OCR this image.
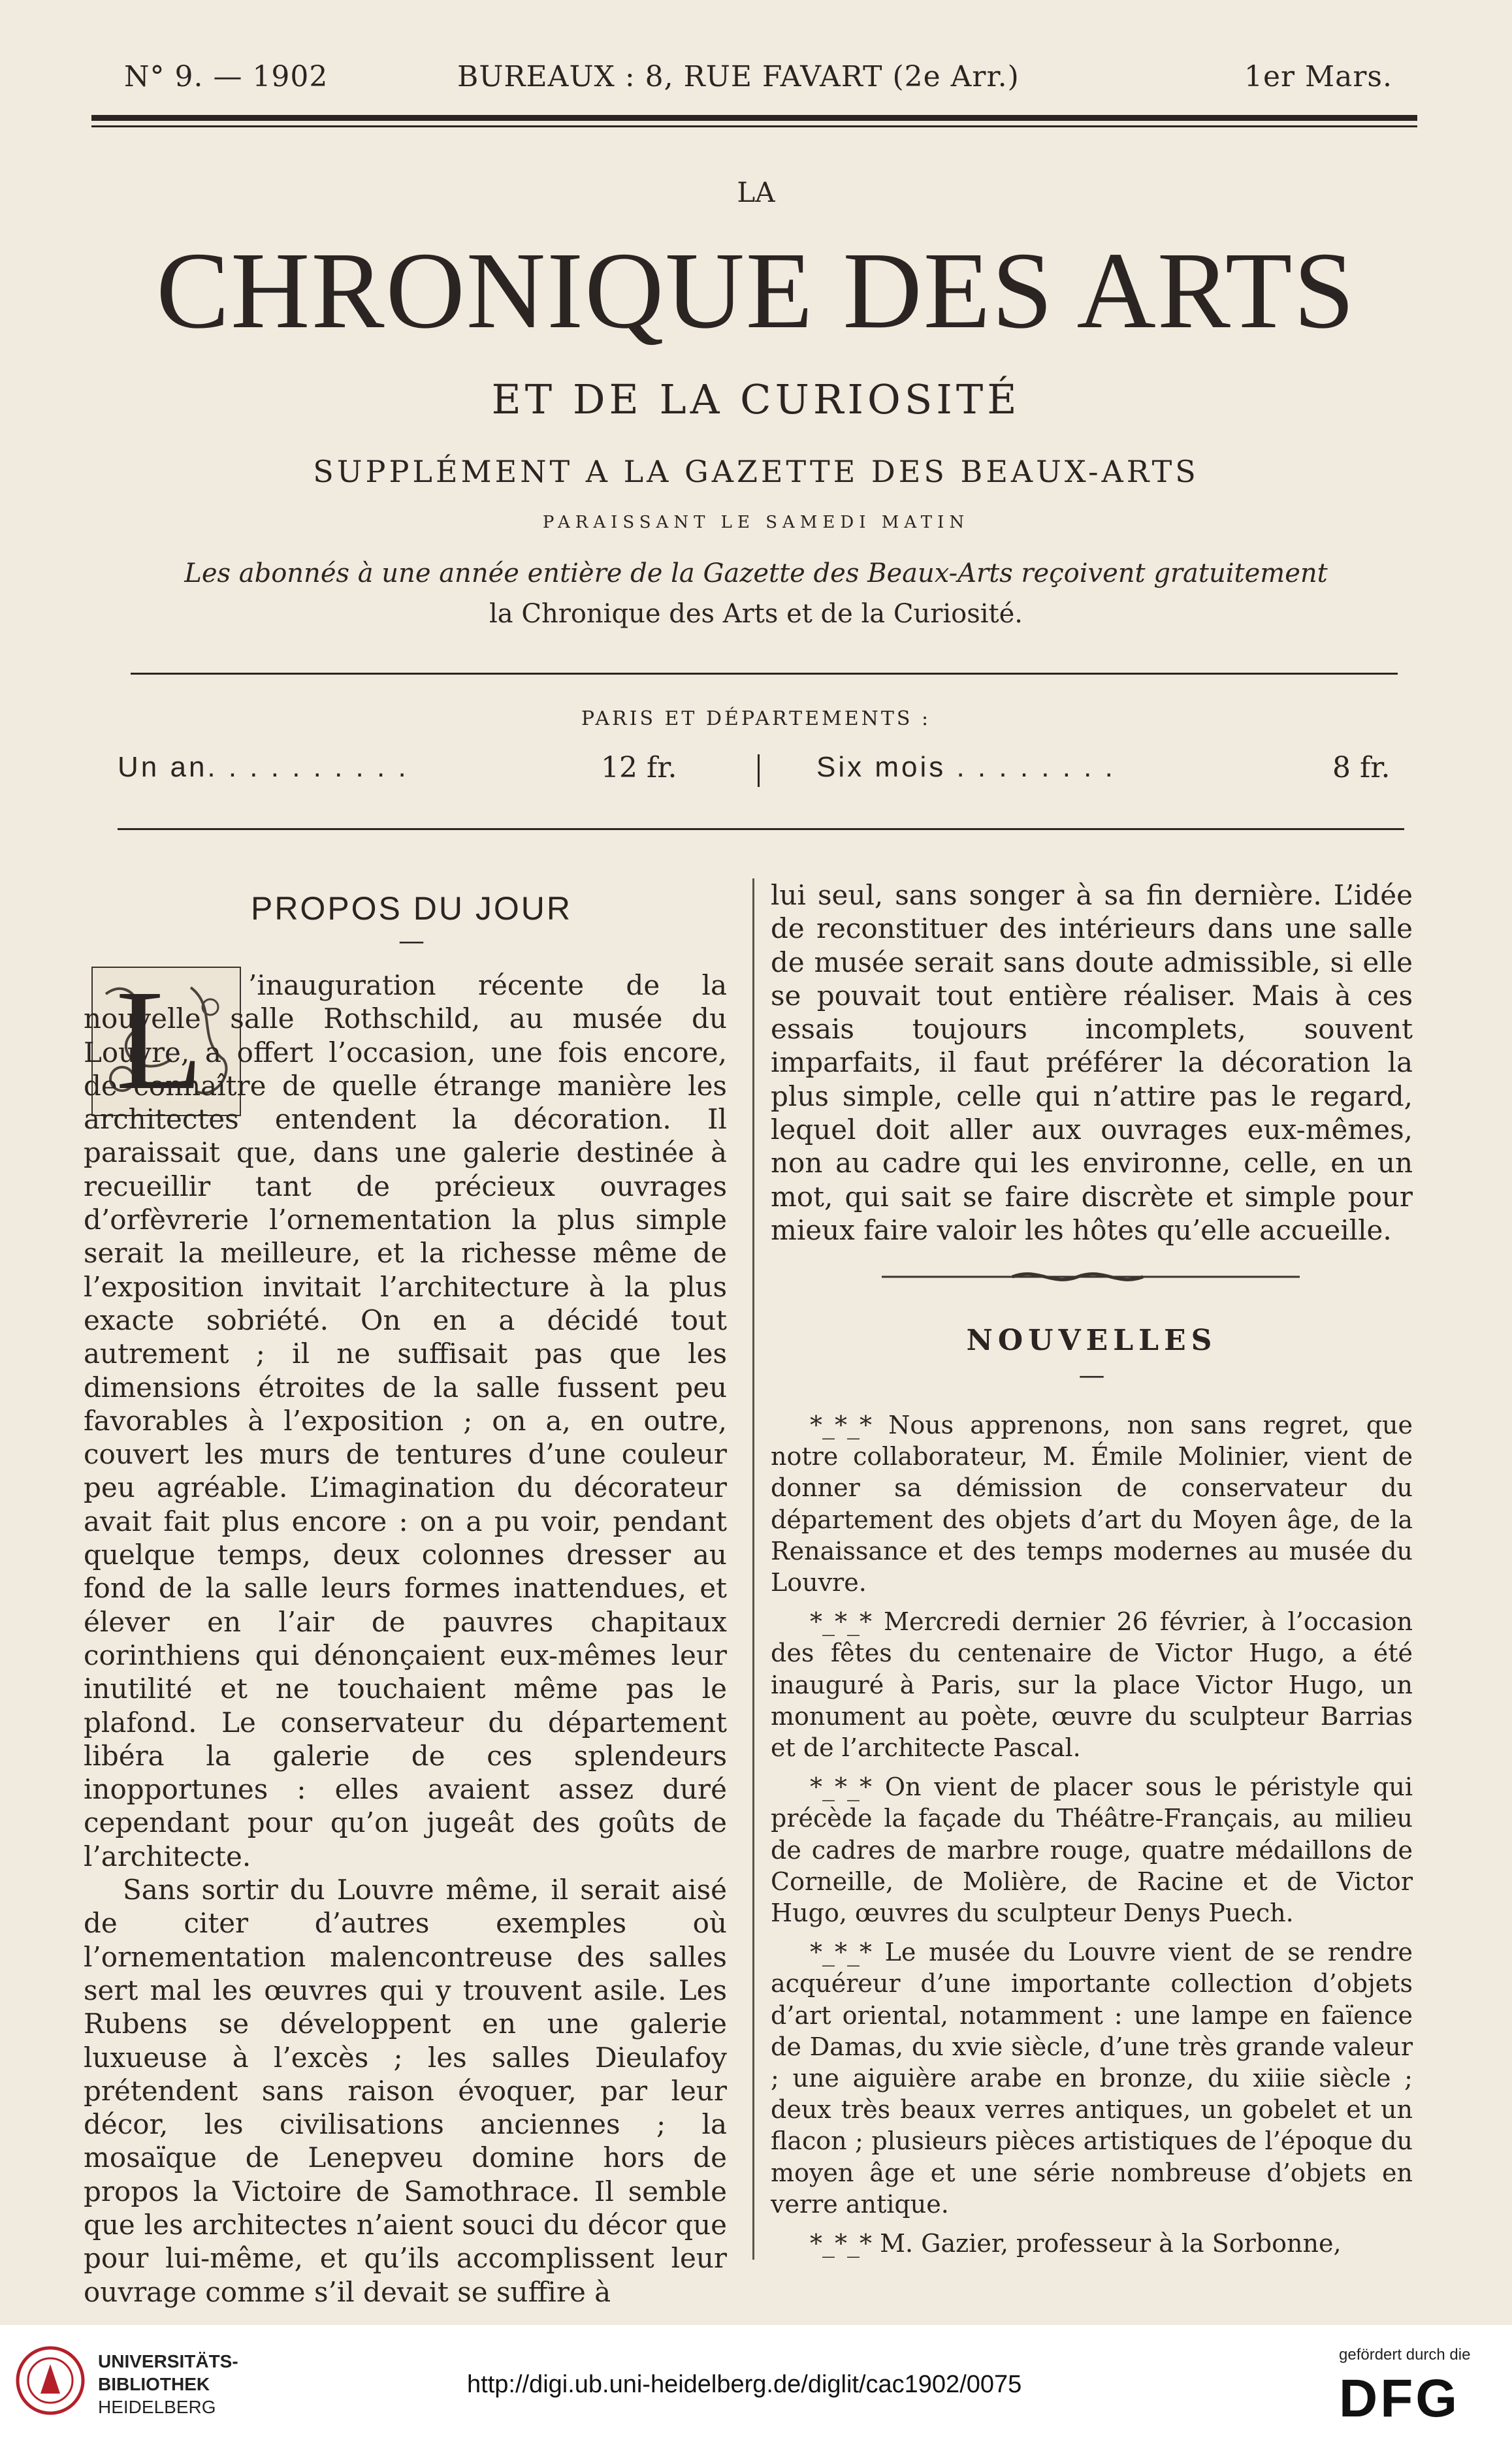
N° 9. — 1902	BUREAUX : 8, RUE FAVART (2e Arr.)	1er Mars.
LA
CHRONIQUE DES ARTS
ET DE LA CURIOSITÉ
SUPPLÉMENT A LA GAZETTE DES BEAUX-ARTS
PARAISSANT LE SAMEDI MATIN
Les abonnés à une année entière de la Gazette des Beaux-Arts reçoivent gratuitement
la Chronique des Arts et de la Curiosité.
PARIS ET DÉPARTEMENTS :
Un an. . . . . . . . . .	12 fr.	Six mois . . . . . . . .	8 fr.
PROPOS DU JOUR
—
L	’inauguration récente de la nouvelle salle Rothschild, au musée du Louvre, a offert l’occasion, une fois encore, de connaître de quelle étrange manière les architectes entendent la décoration. Il paraissait que, dans une galerie destinée à recueillir tant de précieux ouvrages d’orfèvrerie l’ornementation la plus simple serait la meilleure, et la richesse même de l’exposition invitait l’architecture à la plus exacte sobriété. On en a décidé tout autrement ; il ne suffisait pas que les dimensions étroites de la salle fussent peu favorables à l’exposition ; on a, en outre, couvert les murs de tentures d’une couleur peu agréable. L’imagination du décorateur avait fait plus encore : on a pu voir, pendant quelque temps, deux colonnes dresser au fond de la salle leurs formes inattendues, et élever en l’air de pauvres chapitaux corinthiens qui dénonçaient eux-mêmes leur inutilité et ne touchaient même pas le plafond. Le conservateur du département libéra la galerie de ces splendeurs inopportunes : elles avaient assez duré cependant pour qu’on jugeât des goûts de l’architecte.

Sans sortir du Louvre même, il serait aisé de citer d’autres exemples où l’ornementation malencontreuse des salles sert mal les œuvres qui y trouvent asile. Les Rubens se développent en une galerie luxueuse à l’excès ; les salles Dieulafoy prétendent sans raison évoquer, par leur décor, les civilisations anciennes ; la mosaïque de Lenepveu domine hors de propos la Victoire de Samothrace. Il semble que les architectes n’aient souci du décor que pour lui-même, et qu’ils accomplissent leur ouvrage comme s’il devait se suffire à

lui seul, sans songer à sa fin dernière. L’idée de reconstituer des intérieurs dans une salle de musée serait sans doute admissible, si elle se pouvait tout entière réaliser. Mais à ces essais toujours incomplets, souvent imparfaits, il faut préférer la décoration la plus simple, celle qui n’attire pas le regard, lequel doit aller aux ouvrages eux-mêmes, non au cadre qui les environne, celle, en un mot, qui sait se faire discrète et simple pour mieux faire valoir les hôtes qu’elle accueille.

NOUVELLES
—

*_*_* Nous apprenons, non sans regret, que notre collaborateur, M. Émile Molinier, vient de donner sa démission de conservateur du département des objets d’art du Moyen âge, de la Renaissance et des temps modernes au musée du Louvre.

*_*_* Mercredi dernier 26 février, à l’occasion des fêtes du centenaire de Victor Hugo, a été inauguré à Paris, sur la place Victor Hugo, un monument au poète, œuvre du sculpteur Barrias et de l’architecte Pascal.

*_*_* On vient de placer sous le péristyle qui précède la façade du Théâtre-Français, au milieu de cadres de marbre rouge, quatre médaillons de Corneille, de Molière, de Racine et de Victor Hugo, œuvres du sculpteur Denys Puech.

*_*_* Le musée du Louvre vient de se rendre acquéreur d’une importante collection d’objets d’art oriental, notamment : une lampe en faïence de Damas, du xvie siècle, d’une très grande valeur ; une aiguière arabe en bronze, du xiiie siècle ; deux très beaux verres antiques, un gobelet et un flacon ; plusieurs pièces artistiques de l’époque du moyen âge et une série nombreuse d’objets en verre antique.

*_*_* M. Gazier, professeur à la Sorbonne,

UNIVERSITÄTS-
BIBLIOTHEK
HEIDELBERG
http://digi.ub.uni-heidelberg.de/diglit/cac1902/0075
gefördert durch die
DFG
